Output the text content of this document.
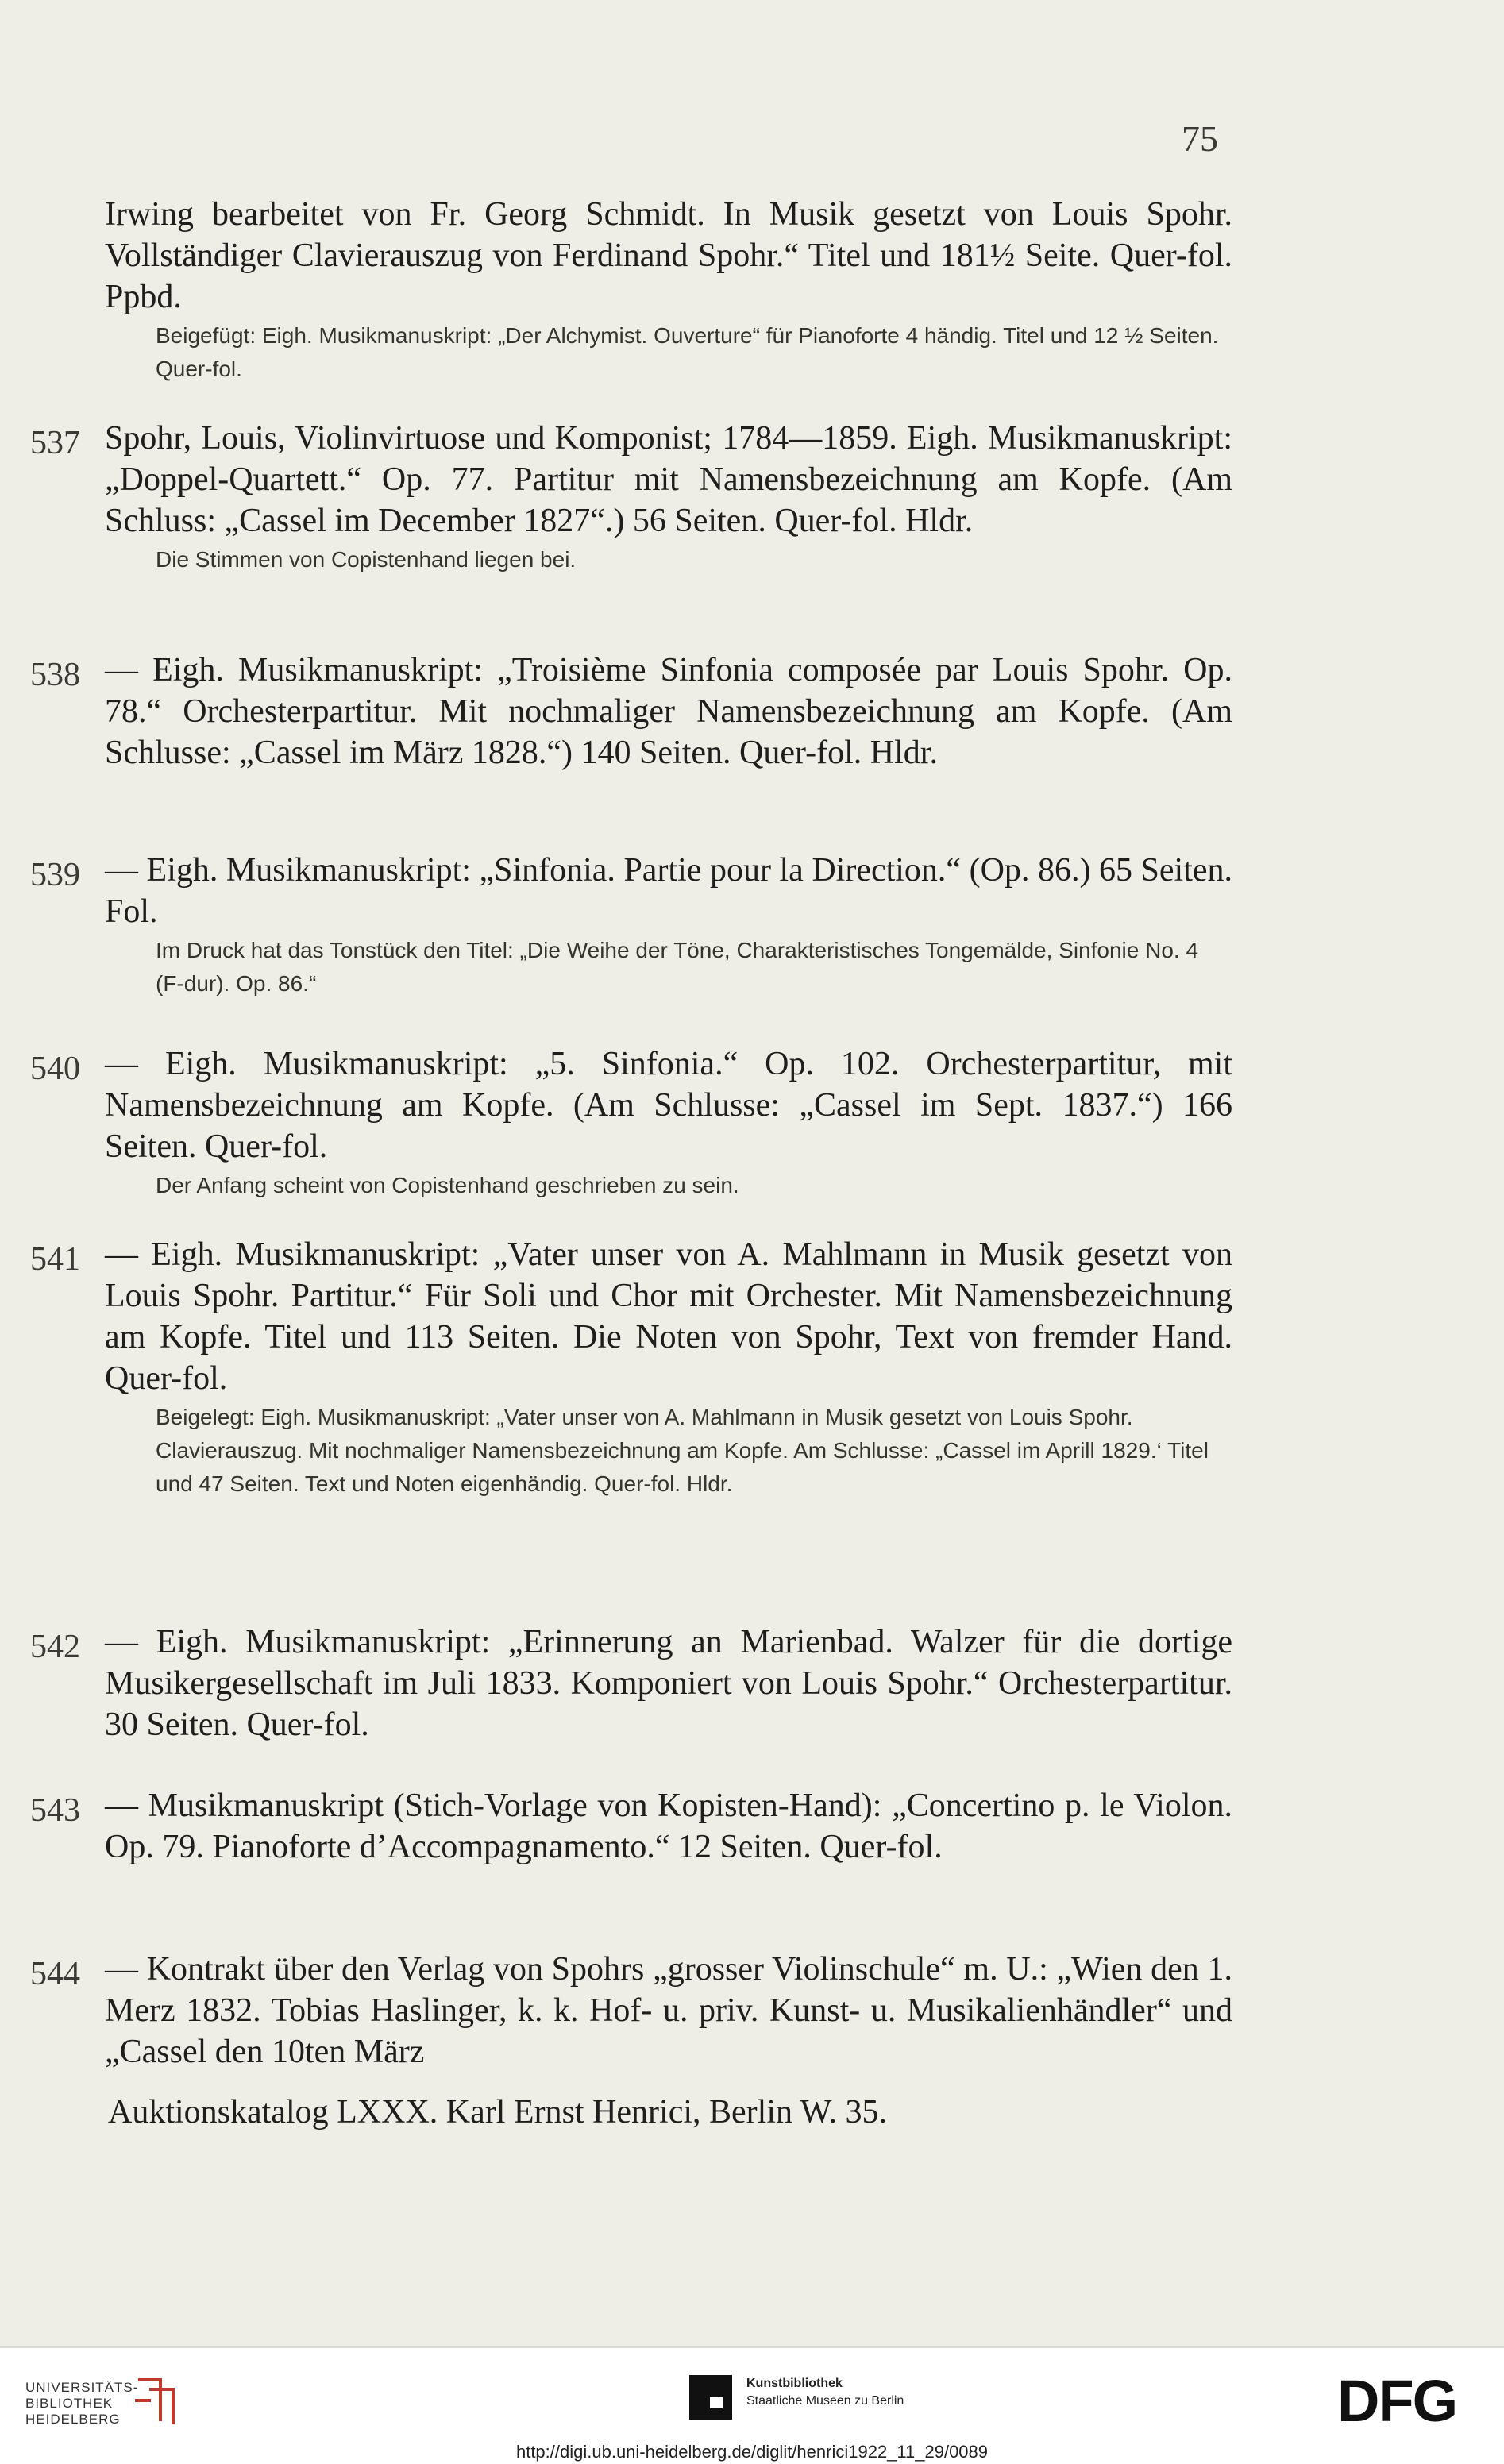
75
Irwing bearbeitet von Fr. Georg Schmidt. In Musik gesetzt von Louis Spohr. Vollständiger Clavierauszug von Ferdinand Spohr.“ Titel und 181½ Seite. Quer-fol. Ppbd.
Beigefügt: Eigh. Musikmanuskript: „Der Alchymist. Ouverture“ für Pianoforte 4 händig. Titel und 12 ½ Seiten. Quer-fol.
537 Spohr, Louis, Violinvirtuose und Komponist; 1784—1859. Eigh. Musikmanuskript: „Doppel-Quartett.“ Op. 77. Partitur mit Namensbezeichnung am Kopfe. (Am Schluss: „Cassel im December 1827“.) 56 Seiten. Quer-fol. Hldr.
Die Stimmen von Copistenhand liegen bei.
538 — Eigh. Musikmanuskript: „Troisième Sinfonia composée par Louis Spohr. Op. 78.“ Orchesterpartitur. Mit nochmaliger Namensbezeichnung am Kopfe. (Am Schlusse: „Cassel im März 1828.“) 140 Seiten. Quer-fol. Hldr.
539 — Eigh. Musikmanuskript: „Sinfonia. Partie pour la Direction.“ (Op. 86.) 65 Seiten. Fol.
Im Druck hat das Tonstück den Titel: „Die Weihe der Töne, Charakteristisches Tongemälde, Sinfonie No. 4 (F-dur). Op. 86.“
540 — Eigh. Musikmanuskript: „5. Sinfonia.“ Op. 102. Orchesterpartitur, mit Namensbezeichnung am Kopfe. (Am Schlusse: „Cassel im Sept. 1837.“) 166 Seiten. Quer-fol.
Der Anfang scheint von Copistenhand geschrieben zu sein.
541 — Eigh. Musikmanuskript: „Vater unser von A. Mahlmann in Musik gesetzt von Louis Spohr. Partitur.“ Für Soli und Chor mit Orchester. Mit Namensbezeichnung am Kopfe. Titel und 113 Seiten. Die Noten von Spohr, Text von fremder Hand. Quer-fol.
Beigelegt: Eigh. Musikmanuskript: „Vater unser von A. Mahlmann in Musik gesetzt von Louis Spohr. Clavierauszug. Mit nochmaliger Namensbezeichnung am Kopfe. Am Schlusse: „Cassel im Aprill 1829.‘ Titel und 47 Seiten. Text und Noten eigenhändig. Quer-fol. Hldr.
542 — Eigh. Musikmanuskript: „Erinnerung an Marienbad. Walzer für die dortige Musikergesellschaft im Juli 1833. Komponiert von Louis Spohr.“ Orchesterpartitur. 30 Seiten. Quer-fol.
543 — Musikmanuskript (Stich-Vorlage von Kopisten-Hand): „Concertino p. le Violon. Op. 79. Pianoforte d’Accompagnamento.“ 12 Seiten. Quer-fol.
544 — Kontrakt über den Verlag von Spohrs „grosser Violinschule“ m. U.: „Wien den 1. Merz 1832. Tobias Haslinger, k. k. Hof- u. priv. Kunst- u. Musikalienhändler“ und „Cassel den 10ten März
Auktionskatalog LXXX. Karl Ernst Henrici, Berlin W. 35.
UNIVERSITÄTS-
BIBLIOTHEK
HEIDELBERG
Kunstbibliothek
Staatliche Museen zu Berlin	DFG
http://digi.ub.uni-heidelberg.de/diglit/henrici1922_11_29/0089
